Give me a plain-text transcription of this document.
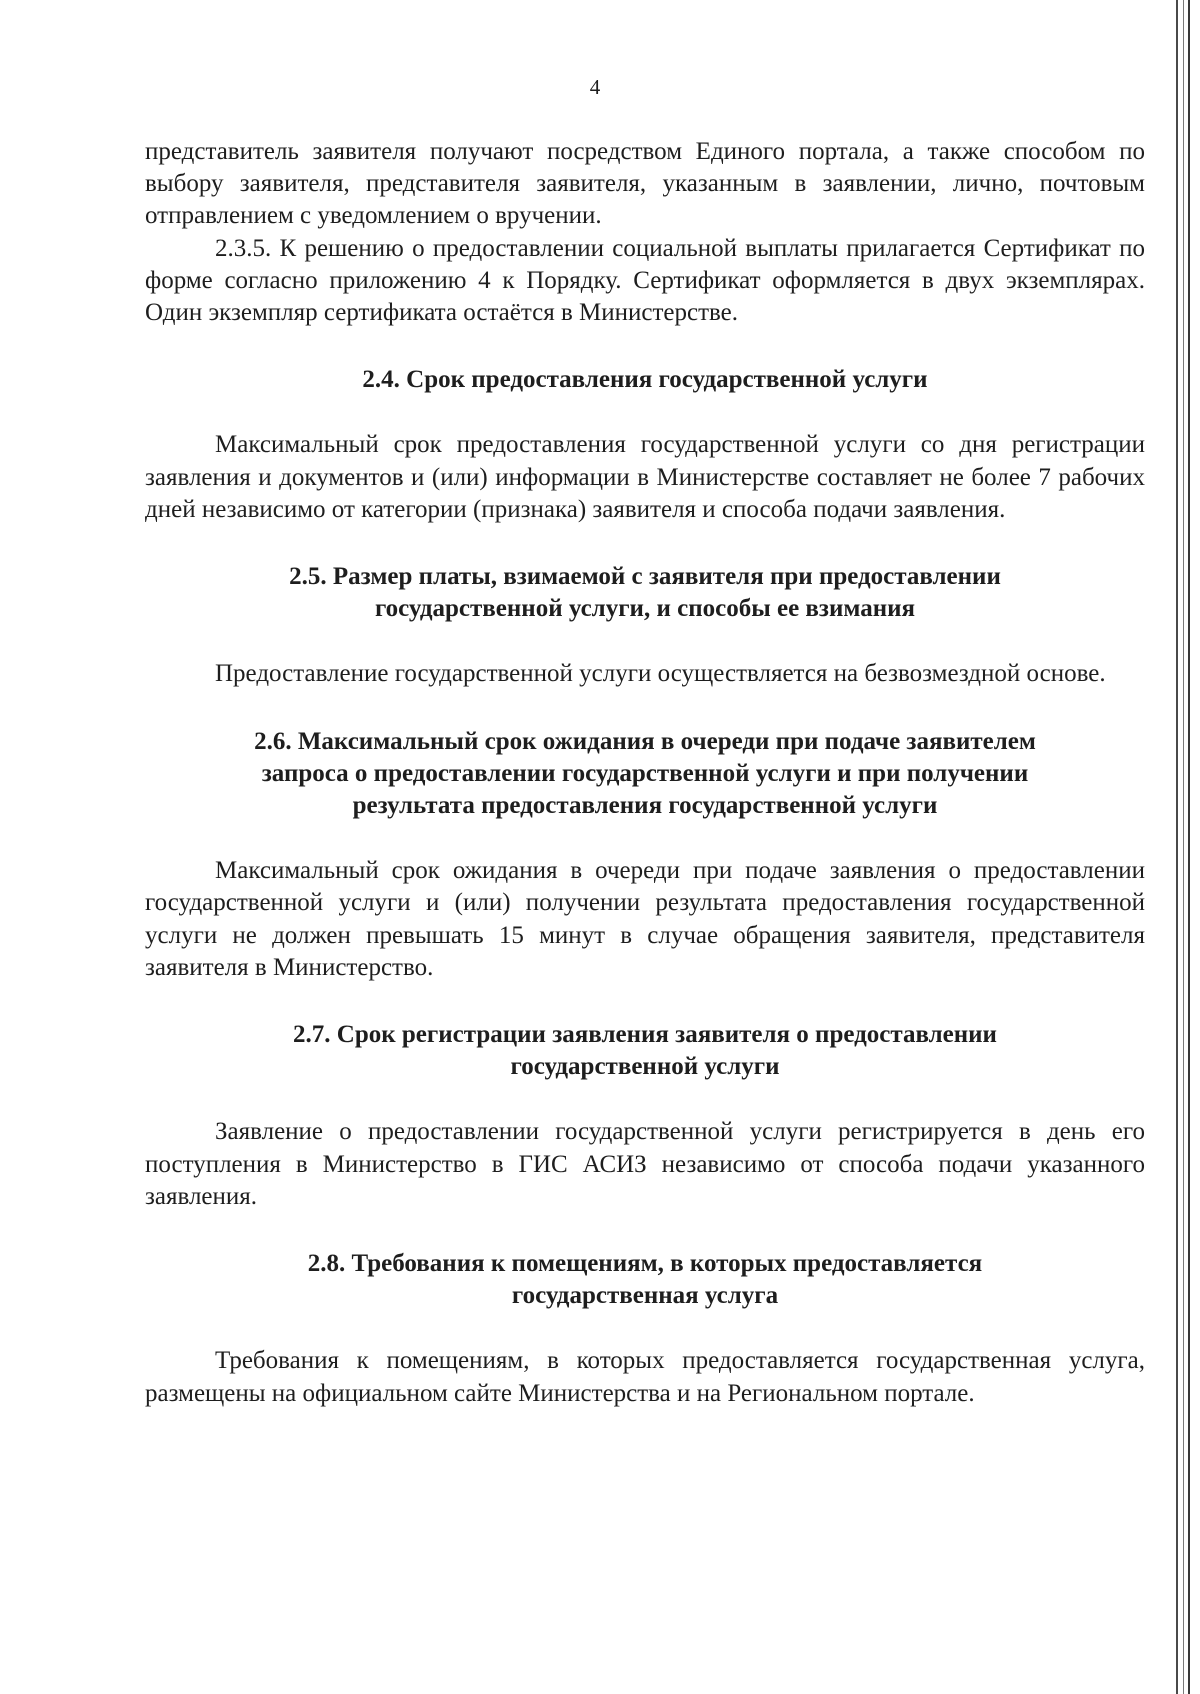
4

представитель заявителя получают посредством Единого портала, а также способом по выбору заявителя, представителя заявителя, указанным в заявлении, лично, почтовым отправлением с уведомлением о вручении.

2.3.5. К решению о предоставлении социальной выплаты прилагается Сертификат по форме согласно приложению 4 к Порядку. Сертификат оформляется в двух экземплярах. Один экземпляр сертификата остаётся в Министерстве.

2.4. Срок предоставления государственной услуги

Максимальный срок предоставления государственной услуги со дня регистрации заявления и документов и (или) информации в Министерстве составляет не более 7 рабочих дней независимо от категории (признака) заявителя и способа подачи заявления.

2.5. Размер платы, взимаемой с заявителя при предоставлении
государственной услуги, и способы ее взимания

Предоставление государственной услуги осуществляется на безвозмездной основе.

2.6. Максимальный срок ожидания в очереди при подаче заявителем
запроса о предоставлении государственной услуги и при получении
результата предоставления государственной услуги

Максимальный срок ожидания в очереди при подаче заявления о предоставлении государственной услуги и (или) получении результата предоставления государственной услуги не должен превышать 15 минут в случае обращения заявителя, представителя заявителя в Министерство.

2.7. Срок регистрации заявления заявителя о предоставлении
государственной услуги

Заявление о предоставлении государственной услуги регистрируется в день его поступления в Министерство в ГИС АСИЗ независимо от способа подачи указанного заявления.

2.8. Требования к помещениям, в которых предоставляется
государственная услуга

Требования к помещениям, в которых предоставляется государственная услуга, размещены на официальном сайте Министерства и на Региональном портале.
